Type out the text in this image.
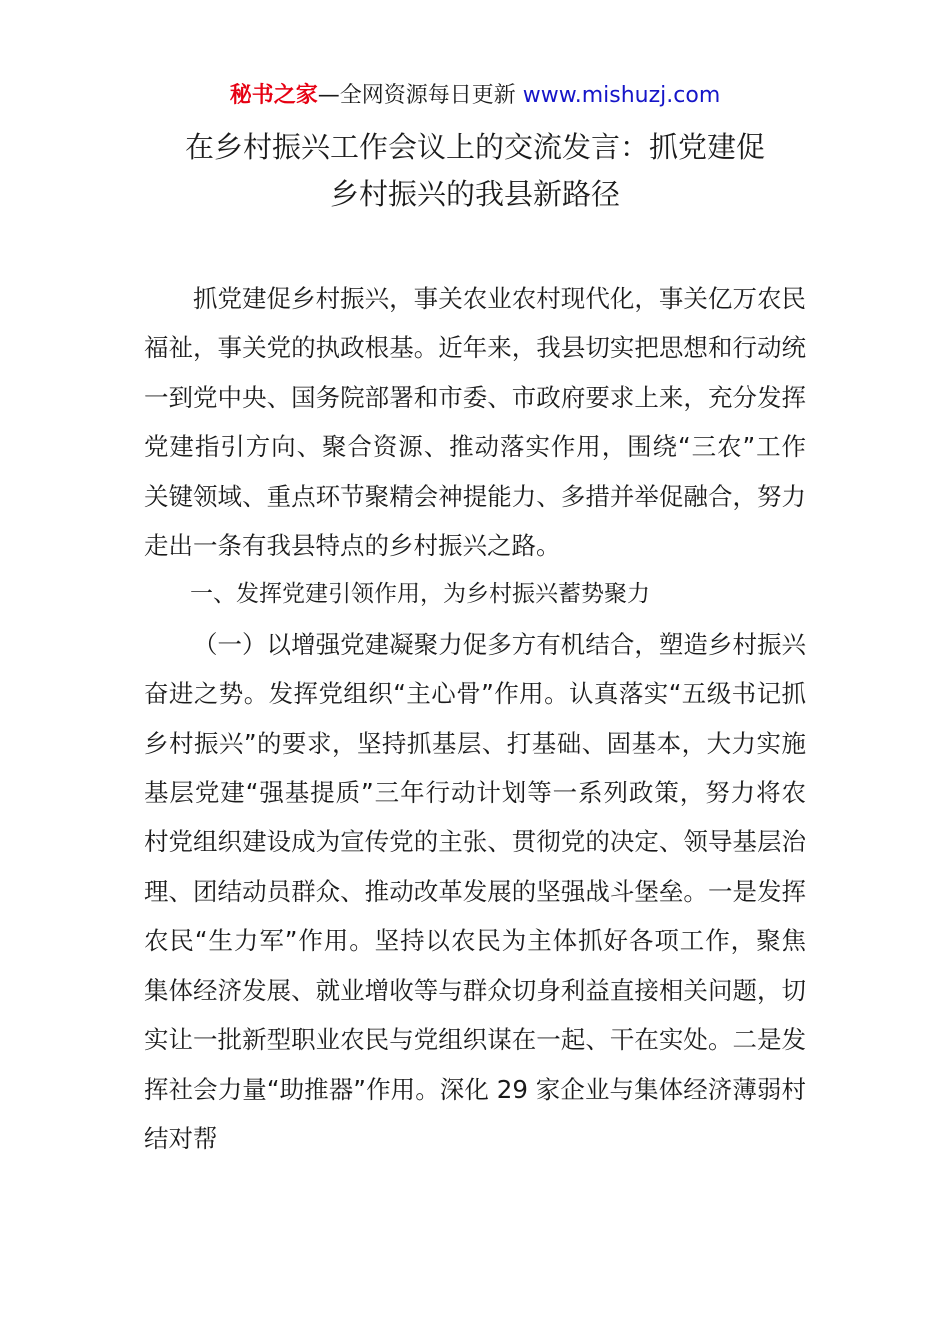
秘书之家—全网资源每日更新 www.mishuzj.com
在乡村振兴工作会议上的交流发言：抓党建促
乡村振兴的我县新路径

抓党建促乡村振兴，事关农业农村现代化，事关亿万农民福祉，事关党的执政根基。近年来，我县切实把思想和行动统一到党中央、国务院部署和市委、市政府要求上来，充分发挥党建指引方向、聚合资源、推动落实作用，围绕“三农”工作关键领域、重点环节聚精会神提能力、多措并举促融合，努力走出一条有我县特点的乡村振兴之路。

一、发挥党建引领作用，为乡村振兴蓄势聚力

（一）以增强党建凝聚力促多方有机结合，塑造乡村振兴奋进之势。发挥党组织“主心骨”作用。认真落实“五级书记抓乡村振兴”的要求，坚持抓基层、打基础、固基本，大力实施基层党建“强基提质”三年行动计划等一系列政策，努力将农村党组织建设成为宣传党的主张、贯彻党的决定、领导基层治理、团结动员群众、推动改革发展的坚强战斗堡垒。一是发挥农民“生力军”作用。坚持以农民为主体抓好各项工作，聚焦集体经济发展、就业增收等与群众切身利益直接相关问题，切实让一批新型职业农民与党组织谋在一起、干在实处。二是发挥社会力量“助推器”作用。深化 29 家企业与集体经济薄弱村结对帮
